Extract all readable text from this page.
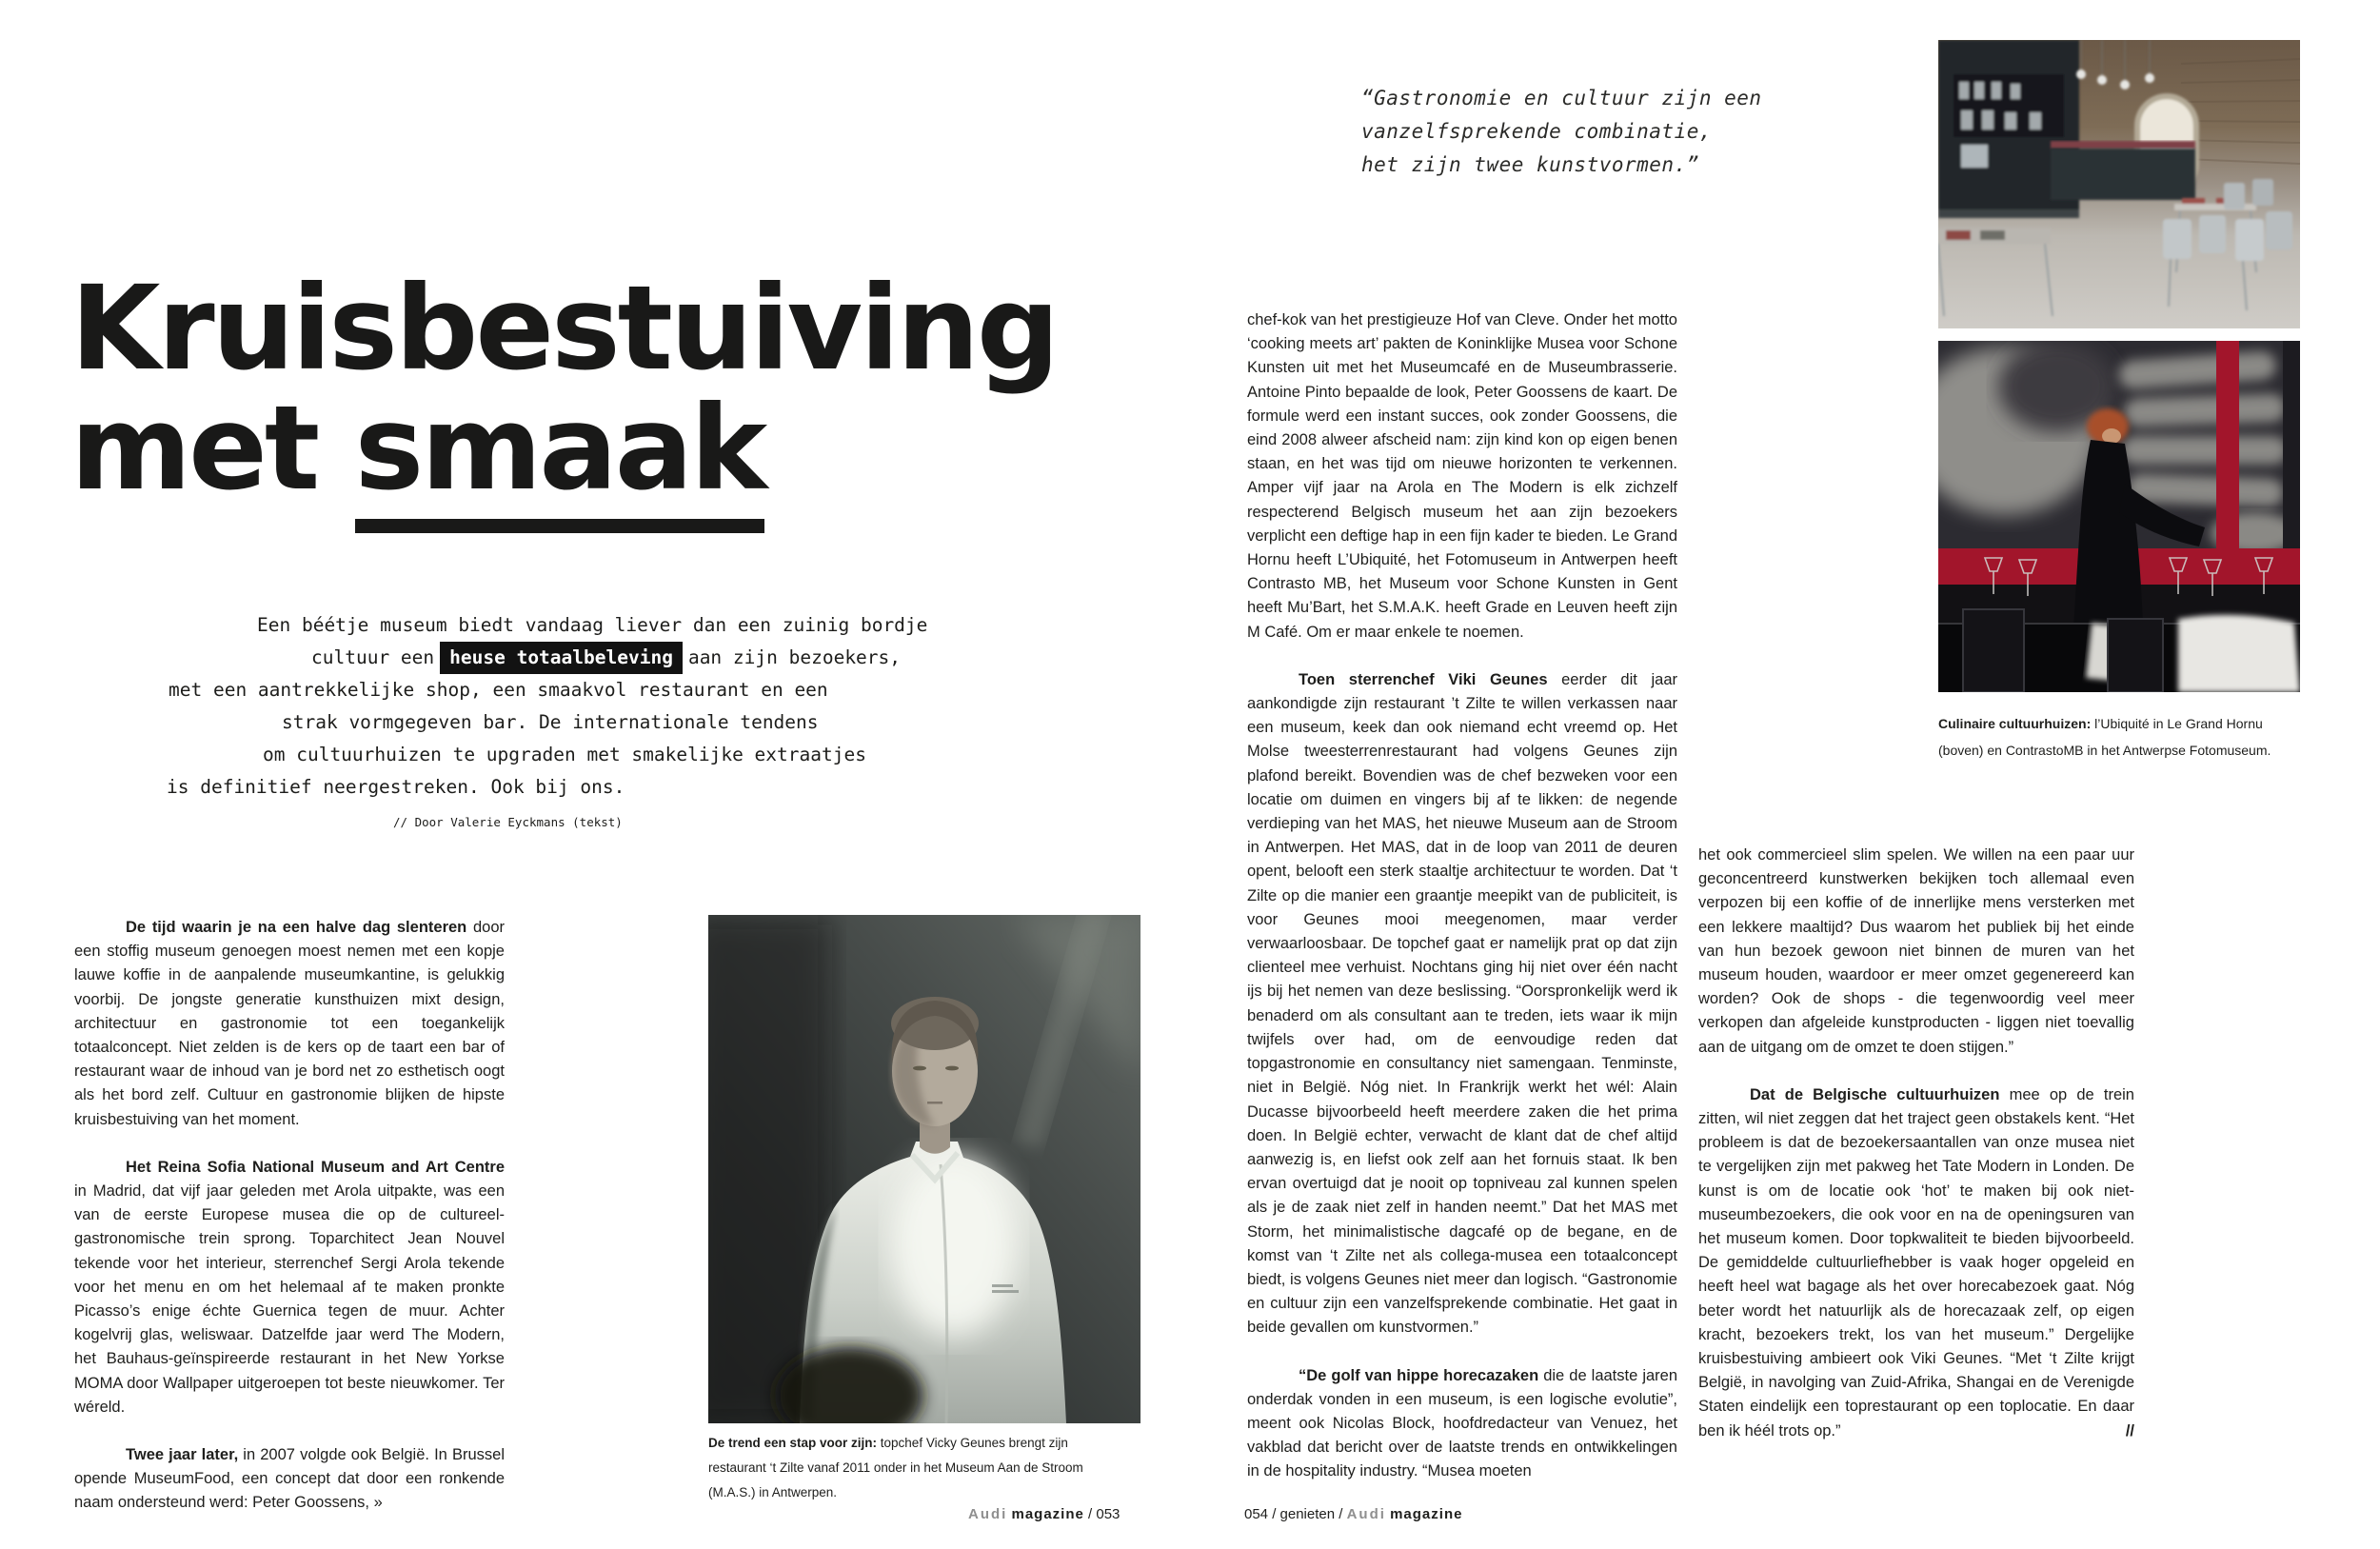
Kruisbestuiving
met smaak
Een béétje museum biedt vandaag liever dan een zuinig bordje
cultuur een heuse totaalbeleving aan zijn bezoekers,
met een aantrekkelijke shop, een smaakvol restaurant en een
strak vormgegeven bar. De internationale tendens
om cultuurhuizen te upgraden met smakelijke extraatjes
is definitief neergestreken. Ook bij ons.
// Door Valerie Eyckmans (tekst)
“Gastronomie en cultuur zijn een
vanzelfsprekende combinatie,
het zijn twee kunstvormen.”

De tijd waarin je na een halve dag slenteren door een stoffig museum genoegen moest nemen met een kopje lauwe koffie in de aanpalende museumkantine, is gelukkig voorbij. De jongste generatie kunsthuizen mixt design, architectuur en gastronomie tot een toegankelijk totaalconcept. Niet zelden is de kers op de taart een bar of restaurant waar de inhoud van je bord net zo esthetisch oogt als het bord zelf. Cultuur en gastronomie blijken de hipste kruisbestuiving van het moment.

Het Reina Sofia National Museum and Art Centre in Madrid, dat vijf jaar geleden met Arola uitpakte, was een van de eerste Europese musea die op de cultureel-gastronomische trein sprong. Toparchitect Jean Nouvel tekende voor het interieur, sterrenchef Sergi Arola tekende voor het menu en om het helemaal af te maken pronkte Picasso’s enige échte Guernica tegen de muur. Achter kogelvrij glas, weliswaar. Datzelfde jaar werd The Modern, het Bauhaus-geïnspireerde restaurant in het New Yorkse MOMA door Wallpaper uitgeroepen tot beste nieuwkomer. Ter wéreld.

Twee jaar later, in 2007 volgde ook België. In Brussel opende MuseumFood, een concept dat door een ronkende naam ondersteund werd: Peter Goossens, »

De trend een stap voor zijn: topchef Vicky Geunes brengt zijn restaurant ‘t Zilte vanaf 2011 onder in het Museum Aan de Stroom (M.A.S.) in Antwerpen.

chef-kok van het prestigieuze Hof van Cleve. Onder het motto ‘cooking meets art’ pakten de Koninklijke Musea voor Schone Kunsten uit met het Museumcafé en de Museumbrasserie. Antoine Pinto bepaalde de look, Peter Goossens de kaart. De formule werd een instant succes, ook zonder Goossens, die eind 2008 alweer afscheid nam: zijn kind kon op eigen benen staan, en het was tijd om nieuwe horizonten te verkennen. Amper vijf jaar na Arola en The Modern is elk zichzelf respecterend Belgisch museum het aan zijn bezoekers verplicht een deftige hap in een fijn kader te bieden. Le Grand Hornu heeft L’Ubiquité, het Fotomuseum in Antwerpen heeft Contrasto MB, het Museum voor Schone Kunsten in Gent heeft Mu’Bart, het S.M.A.K. heeft Grade en Leuven heeft zijn M Café. Om er maar enkele te noemen.

Toen sterrenchef Viki Geunes eerder dit jaar aankondigde zijn restaurant ’t Zilte te willen verkassen naar een museum, keek dan ook niemand echt vreemd op. Het Molse tweesterrenrestaurant had volgens Geunes zijn plafond bereikt. Bovendien was de chef bezweken voor een locatie om duimen en vingers bij af te likken: de negende verdieping van het MAS, het nieuwe Museum aan de Stroom in Antwerpen. Het MAS, dat in de loop van 2011 de deuren opent, belooft een sterk staaltje architectuur te worden. Dat ‘t Zilte op die manier een graantje meepikt van de publiciteit, is voor Geunes mooi meegenomen, maar verder verwaarloosbaar. De topchef gaat er namelijk prat op dat zijn clienteel mee verhuist. Nochtans ging hij niet over één nacht ijs bij het nemen van deze beslissing. “Oorspronkelijk werd ik benaderd om als consultant aan te treden, iets waar ik mijn twijfels over had, om de eenvoudige reden dat topgastronomie en consultancy niet samengaan. Tenminste, niet in België. Nóg niet. In Frankrijk werkt het wél: Alain Ducasse bijvoorbeeld heeft meerdere zaken die het prima doen. In België echter, verwacht de klant dat de chef altijd aanwezig is, en liefst ook zelf aan het fornuis staat. Ik ben ervan overtuigd dat je nooit op topniveau zal kunnen spelen als je de zaak niet zelf in handen neemt.” Dat het MAS met Storm, het minimalistische dagcafé op de begane, en de komst van ‘t Zilte net als collega-musea een totaalconcept biedt, is volgens Geunes niet meer dan logisch. “Gastronomie en cultuur zijn een vanzelfsprekende combinatie. Het gaat in beide gevallen om kunstvormen.”

“De golf van hippe horecazaken die de laatste jaren onderdak vonden in een museum, is een logische evolutie”, meent ook Nicolas Block, hoofdredacteur van Venuez, het vakblad dat bericht over de laatste trends en ontwikkelingen in de hospitality industry. “Musea moeten

het ook commercieel slim spelen. We willen na een paar uur geconcentreerd kunstwerken bekijken toch allemaal even verpozen bij een koffie of de innerlijke mens versterken met een lekkere maaltijd? Dus waarom het publiek bij het einde van hun bezoek gewoon niet binnen de muren van het museum houden, waardoor er meer omzet gegenereerd kan worden? Ook de shops - die tegenwoordig veel meer verkopen dan afgeleide kunstproducten - liggen niet toevallig aan de uitgang om de omzet te doen stijgen.”

Dat de Belgische cultuurhuizen mee op de trein zitten, wil niet zeggen dat het traject geen obstakels kent. “Het probleem is dat de bezoekersaantallen van onze musea niet te vergelijken zijn met pakweg het Tate Modern in Londen. De kunst is om de locatie ook ‘hot’ te maken bij ook niet-museumbezoekers, die ook voor en na de openingsuren van het museum komen. Door topkwaliteit te bieden bijvoorbeeld. De gemiddelde cultuurliefhebber is vaak hoger opgeleid en heeft heel wat bagage als het over horecabezoek gaat. Nóg beter wordt het natuurlijk als de horecazaak zelf, op eigen kracht, bezoekers trekt, los van het museum.” Dergelijke kruisbestuiving ambieert ook Viki Geunes. “Met ‘t Zilte krijgt België, in navolging van Zuid-Afrika, Shangai en de Verenigde Staten eindelijk een toprestaurant op een toplocatie. En daar ben ik héél trots op.”	//

Culinaire cultuurhuizen: l’Ubiquité in Le Grand Hornu (boven) en ContrastoMB in het Antwerpse Fotomuseum.
Audi magazine / 053	054 / genieten / Audi magazine
